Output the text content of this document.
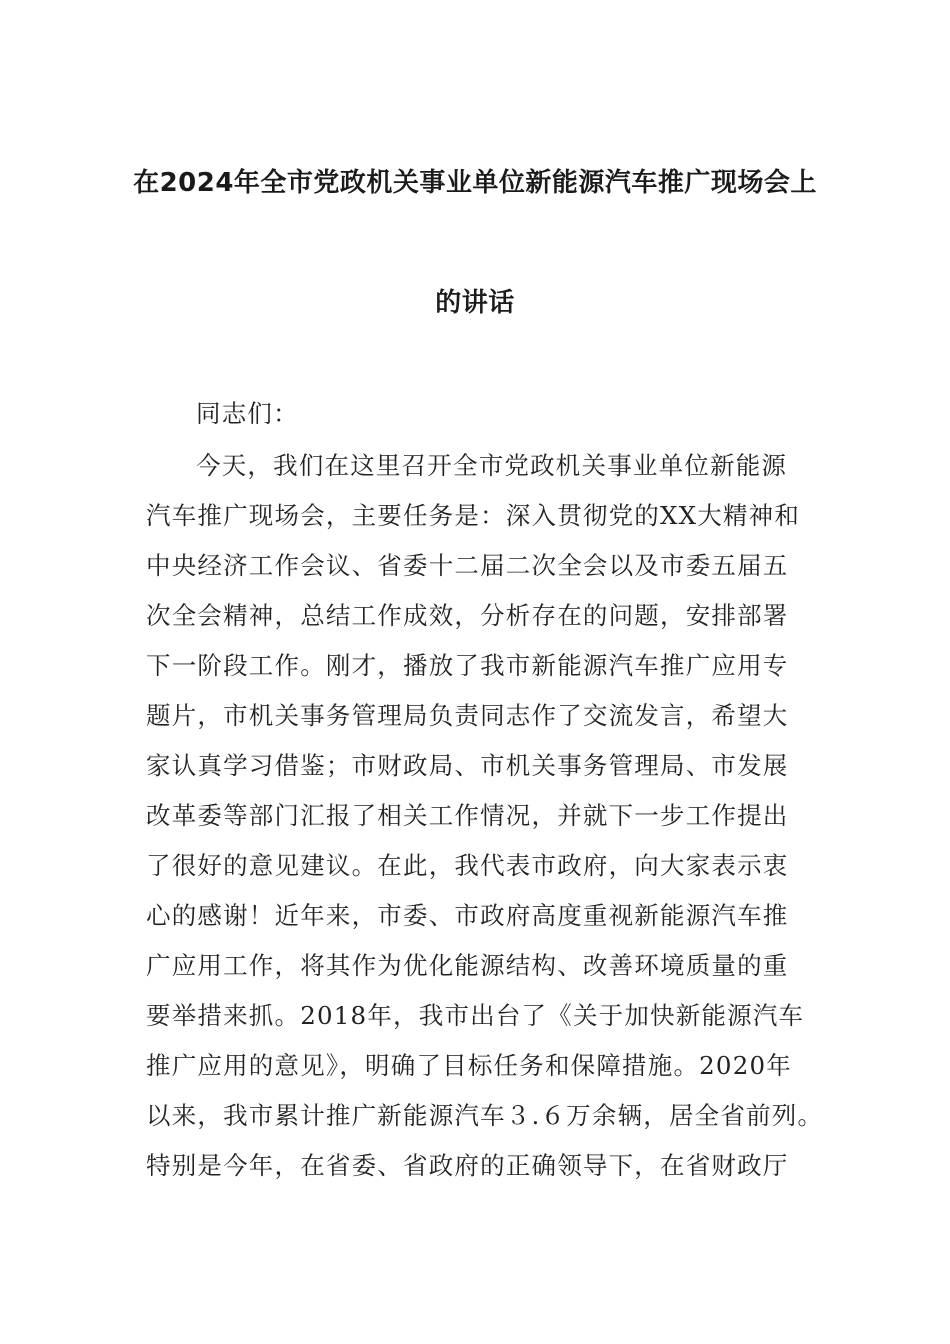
在2024年全市党政机关事业单位新能源汽车推广现场会上
的讲话
同志们：
今天，我们在这里召开全市党政机关事业单位新能源
汽车推广现场会，主要任务是：深入贯彻党的XX大精神和
中央经济工作会议、省委十二届二次全会以及市委五届五
次全会精神，总结工作成效，分析存在的问题，安排部署
下一阶段工作。刚才，播放了我市新能源汽车推广应用专
题片，市机关事务管理局负责同志作了交流发言，希望大
家认真学习借鉴；市财政局、市机关事务管理局、市发展
改革委等部门汇报了相关工作情况，并就下一步工作提出
了很好的意见建议。在此，我代表市政府，向大家表示衷
心的感谢！近年来，市委、市政府高度重视新能源汽车推
广应用工作，将其作为优化能源结构、改善环境质量的重
要举措来抓。2018年，我市出台了《关于加快新能源汽车
推广应用的意见》，明确了目标任务和保障措施。2020年
以来，我市累计推广新能源汽车３.６万余辆，居全省前列。
特别是今年，在省委、省政府的正确领导下，在省财政厅
